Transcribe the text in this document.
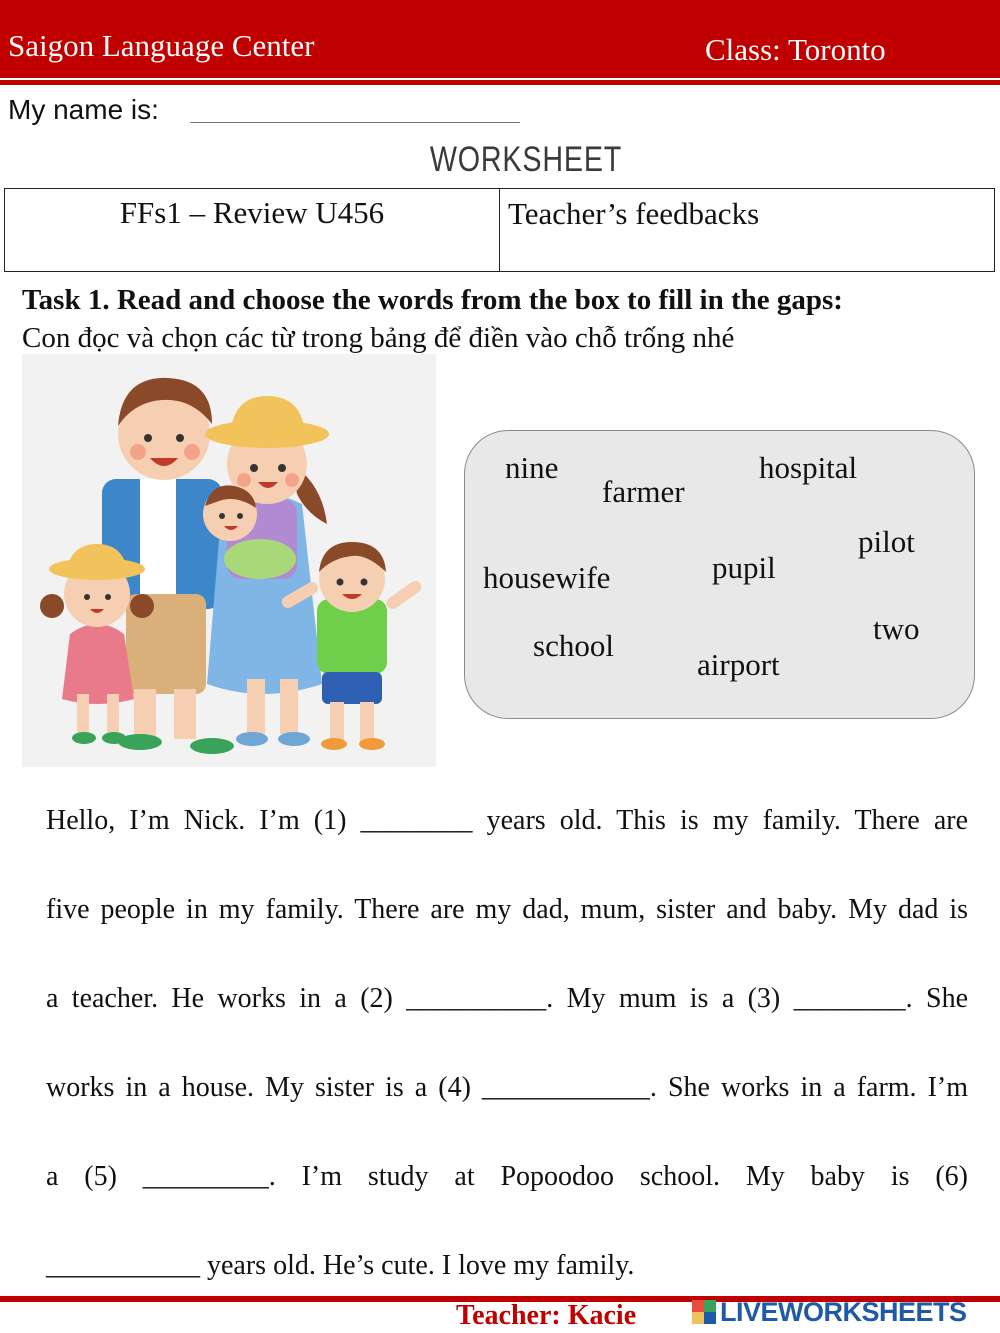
Saigon Language Center	Class: Toronto
My name is:
WORKSHEET
FFs1 – Review U456	Teacher’s feedbacks
Task 1. Read and choose the words from the box to fill in the gaps:
Con đọc và chọn các từ trong bảng để điền vào chỗ trống nhé
nine
farmer
hospital
pilot
housewife	pupil
two
school
airport
Hello, I’m Nick. I’m (1) ________ years old. This is my family. There are
five people in my family. There are my dad, mum, sister and baby. My dad is
a teacher. He works in a (2) __________. My mum is a (3) ________. She
works in a house. My sister is a (4) ____________. She works in a farm. I’m
a (5) _________. I’m study at Popoodoo school. My baby is (6)
___________ years old. He’s cute. I love my family.
Teacher: Kacie	LIVEWORKSHEETS
